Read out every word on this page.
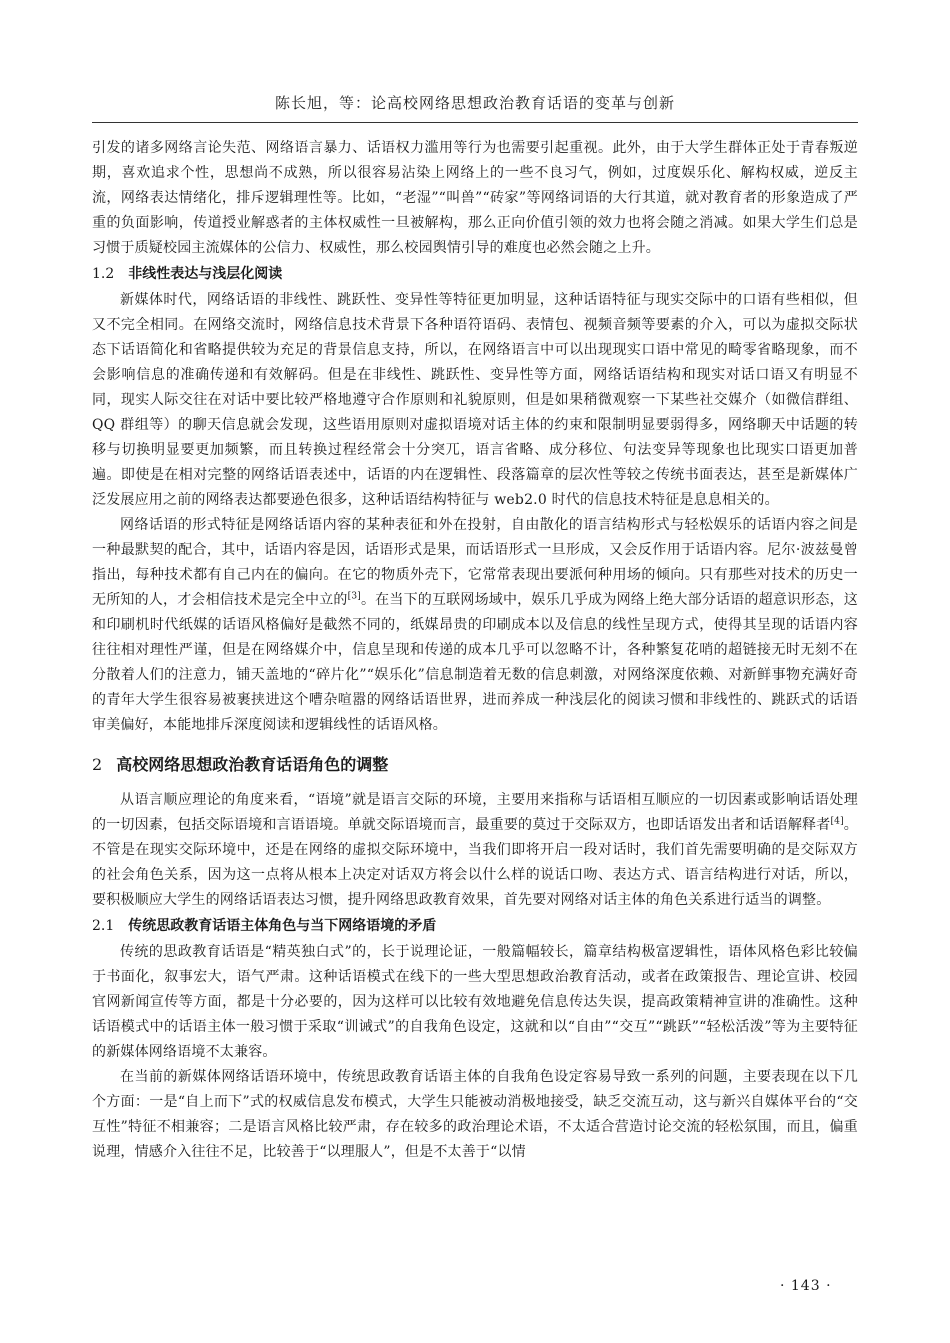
陈长旭，等：论高校网络思想政治教育话语的变革与创新

引发的诸多网络言论失范、网络语言暴力、话语权力滥用等行为也需要引起重视。此外，由于大学生群体正处于青春叛逆期，喜欢追求个性，思想尚不成熟，所以很容易沾染上网络上的一些不良习气，例如，过度娱乐化、解构权威，逆反主流，网络表达情绪化，排斥逻辑理性等。比如，“老湿”“叫兽”“砖家”等网络词语的大行其道，就对教育者的形象造成了严重的负面影响，传道授业解惑者的主体权威性一旦被解构，那么正向价值引领的效力也将会随之消减。如果大学生们总是习惯于质疑校园主流媒体的公信力、权威性，那么校园舆情引导的难度也必然会随之上升。

1.2 非线性表达与浅层化阅读

新媒体时代，网络话语的非线性、跳跃性、变异性等特征更加明显，这种话语特征与现实交际中的口语有些相似，但又不完全相同。在网络交流时，网络信息技术背景下各种语符语码、表情包、视频音频等要素的介入，可以为虚拟交际状态下话语简化和省略提供较为充足的背景信息支持，所以，在网络语言中可以出现现实口语中常见的畸零省略现象，而不会影响信息的准确传递和有效解码。但是在非线性、跳跃性、变异性等方面，网络话语结构和现实对话口语又有明显不同，现实人际交往在对话中要比较严格地遵守合作原则和礼貌原则，但是如果稍微观察一下某些社交媒介（如微信群组、QQ 群组等）的聊天信息就会发现，这些语用原则对虚拟语境对话主体的约束和限制明显要弱得多，网络聊天中话题的转移与切换明显要更加频繁，而且转换过程经常会十分突兀，语言省略、成分移位、句法变异等现象也比现实口语更加普遍。即使是在相对完整的网络话语表述中，话语的内在逻辑性、段落篇章的层次性等较之传统书面表达，甚至是新媒体广泛发展应用之前的网络表达都要逊色很多，这种话语结构特征与 web2.0 时代的信息技术特征是息息相关的。

网络话语的形式特征是网络话语内容的某种表征和外在投射，自由散化的语言结构形式与轻松娱乐的话语内容之间是一种最默契的配合，其中，话语内容是因，话语形式是果，而话语形式一旦形成，又会反作用于话语内容。尼尔·波兹曼曾指出，每种技术都有自己内在的偏向。在它的物质外壳下，它常常表现出要派何种用场的倾向。只有那些对技术的历史一无所知的人，才会相信技术是完全中立的[3]。在当下的互联网场域中，娱乐几乎成为网络上绝大部分话语的超意识形态，这和印刷机时代纸媒的话语风格偏好是截然不同的，纸媒昂贵的印刷成本以及信息的线性呈现方式，使得其呈现的话语内容往往相对理性严谨，但是在网络媒介中，信息呈现和传递的成本几乎可以忽略不计，各种繁复花哨的超链接无时无刻不在分散着人们的注意力，铺天盖地的“碎片化”“娱乐化”信息制造着无数的信息刺激，对网络深度依赖、对新鲜事物充满好奇的青年大学生很容易被裹挟进这个嘈杂喧嚣的网络话语世界，进而养成一种浅层化的阅读习惯和非线性的、跳跃式的话语审美偏好，本能地排斥深度阅读和逻辑线性的话语风格。

2 高校网络思想政治教育话语角色的调整

从语言顺应理论的角度来看，“语境”就是语言交际的环境，主要用来指称与话语相互顺应的一切因素或影响话语处理的一切因素，包括交际语境和言语语境。单就交际语境而言，最重要的莫过于交际双方，也即话语发出者和话语解释者[4]。不管是在现实交际环境中，还是在网络的虚拟交际环境中，当我们即将开启一段对话时，我们首先需要明确的是交际双方的社会角色关系，因为这一点将从根本上决定对话双方将会以什么样的说话口吻、表达方式、语言结构进行对话，所以，要积极顺应大学生的网络话语表达习惯，提升网络思政教育效果，首先要对网络对话主体的角色关系进行适当的调整。

2.1 传统思政教育话语主体角色与当下网络语境的矛盾

传统的思政教育话语是“精英独白式”的，长于说理论证，一般篇幅较长，篇章结构极富逻辑性，语体风格色彩比较偏于书面化，叙事宏大，语气严肃。这种话语模式在线下的一些大型思想政治教育活动，或者在政策报告、理论宣讲、校园官网新闻宣传等方面，都是十分必要的，因为这样可以比较有效地避免信息传达失误，提高政策精神宣讲的准确性。这种话语模式中的话语主体一般习惯于采取“训诫式”的自我角色设定，这就和以“自由”“交互”“跳跃”“轻松活泼”等为主要特征的新媒体网络语境不太兼容。

在当前的新媒体网络话语环境中，传统思政教育话语主体的自我角色设定容易导致一系列的问题，主要表现在以下几个方面：一是“自上而下”式的权威信息发布模式，大学生只能被动消极地接受，缺乏交流互动，这与新兴自媒体平台的“交互性”特征不相兼容；二是语言风格比较严肃，存在较多的政治理论术语，不太适合营造讨论交流的轻松氛围，而且，偏重说理，情感介入往往不足，比较善于“以理服人”，但是不太善于“以情

· 143 ·
